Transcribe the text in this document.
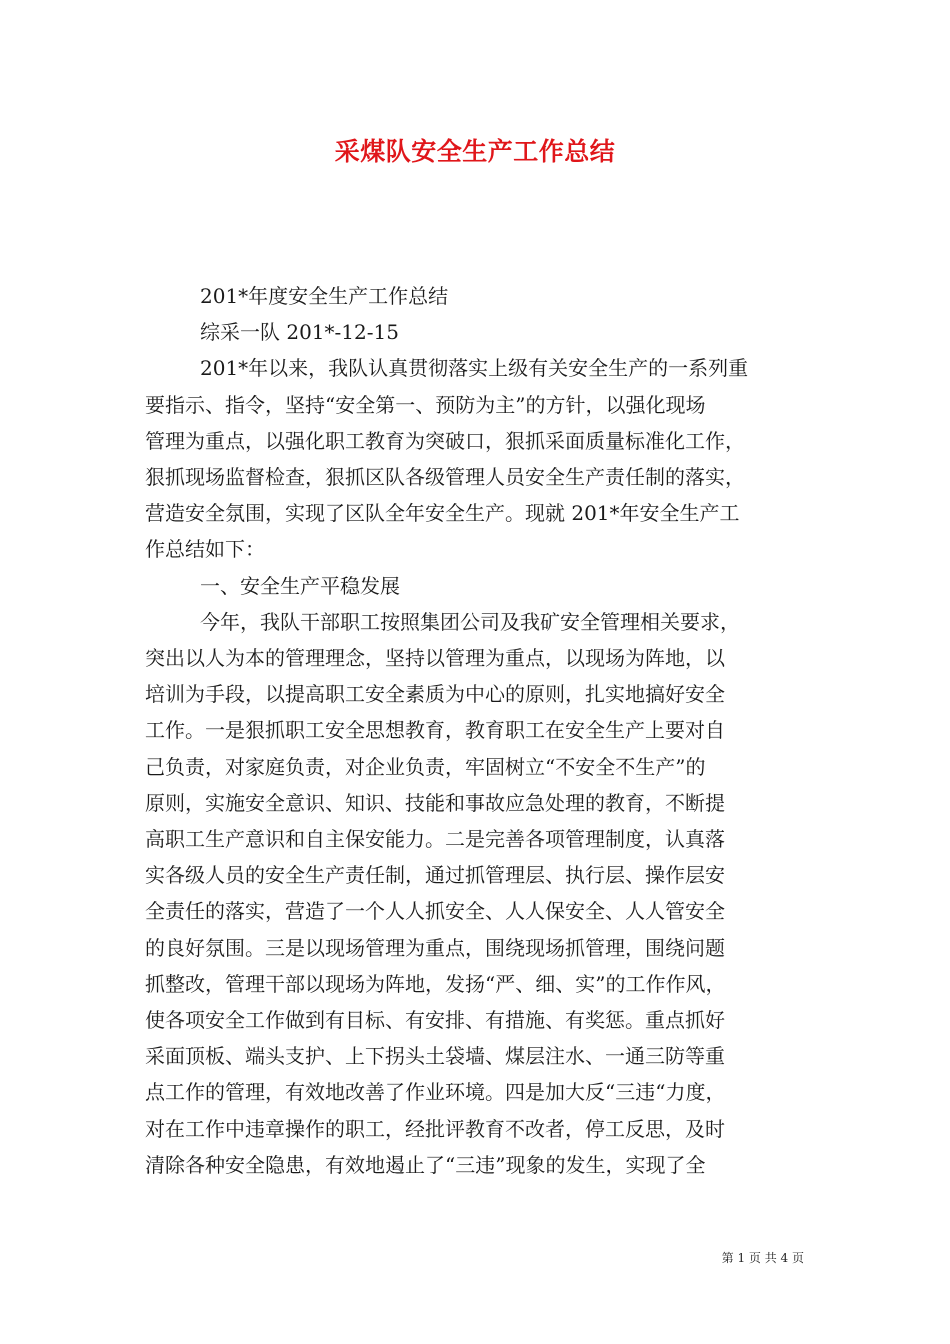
采煤队安全生产工作总结
201*年度安全生产工作总结
综采一队 201*-12-15
201*年以来，我队认真贯彻落实上级有关安全生产的一系列重
要指示、指令，坚持“安全第一、预防为主”的方针，以强化现场
管理为重点，以强化职工教育为突破口，狠抓采面质量标准化工作，
狠抓现场监督检查，狠抓区队各级管理人员安全生产责任制的落实，
营造安全氛围，实现了区队全年安全生产。现就 201*年安全生产工
作总结如下：
一、安全生产平稳发展
今年，我队干部职工按照集团公司及我矿安全管理相关要求，
突出以人为本的管理理念，坚持以管理为重点，以现场为阵地，以
培训为手段，以提高职工安全素质为中心的原则，扎实地搞好安全
工作。一是狠抓职工安全思想教育，教育职工在安全生产上要对自
己负责，对家庭负责，对企业负责，牢固树立“不安全不生产”的
原则，实施安全意识、知识、技能和事故应急处理的教育，不断提
高职工生产意识和自主保安能力。二是完善各项管理制度，认真落
实各级人员的安全生产责任制，通过抓管理层、执行层、操作层安
全责任的落实，营造了一个人人抓安全、人人保安全、人人管安全
的良好氛围。三是以现场管理为重点，围绕现场抓管理，围绕问题
抓整改，管理干部以现场为阵地，发扬“严、细、实”的工作作风，
使各项安全工作做到有目标、有安排、有措施、有奖惩。重点抓好
采面顶板、端头支护、上下拐头土袋墙、煤层注水、一通三防等重
点工作的管理，有效地改善了作业环境。四是加大反“三违“力度，
对在工作中违章操作的职工，经批评教育不改者，停工反思，及时
清除各种安全隐患，有效地遏止了“三违”现象的发生，实现了全
第 1 页 共 4 页
